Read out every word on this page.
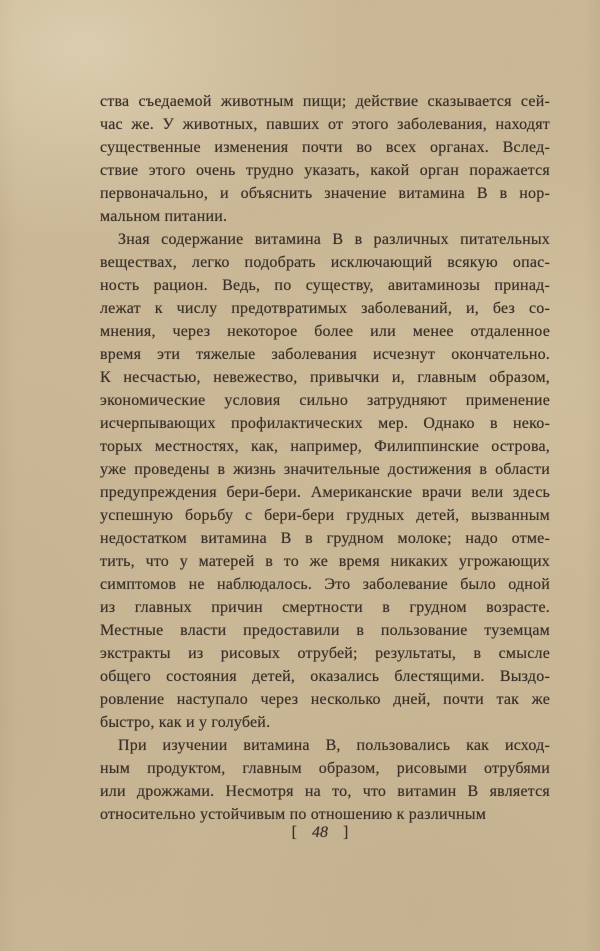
ства съедаемой животным пищи; действие сказывается сей-
час же. У животных, павших от этого заболевания, находят
существенные изменения почти во всех органах. Вслед-
ствие этого очень трудно указать, какой орган поражается
первоначально, и объяснить значение витамина В в нор-
мальном питании.
Зная содержание витамина В в различных питательных
веществах, легко подобрать исключающий всякую опас-
ность рацион. Ведь, по существу, авитаминозы принад-
лежат к числу предотвратимых заболеваний, и, без со-
мнения, через некоторое более или менее отдаленное
время эти тяжелые заболевания исчезнут окончательно.
К несчастью, невежество, привычки и, главным образом,
экономические условия сильно затрудняют применение
исчерпывающих профилактических мер. Однако в неко-
торых местностях, как, например, Филиппинские острова,
уже проведены в жизнь значительные достижения в области
предупреждения бери-бери. Американские врачи вели здесь
успешную борьбу с бери-бери грудных детей, вызванным
недостатком витамина В в грудном молоке; надо отме-
тить, что у матерей в то же время никаких угрожающих
симптомов не наблюдалось. Это заболевание было одной
из главных причин смертности в грудном возрасте.
Местные власти предоставили в пользование туземцам
экстракты из рисовых отрубей; результаты, в смысле
общего состояния детей, оказались блестящими. Выздо-
ровление наступало через несколько дней, почти так же
быстро, как и у голубей.
При изучении витамина В, пользовались как исход-
ным продуктом, главным образом, рисовыми отрубями
или дрожжами. Несмотря на то, что витамин В является
относительно устойчивым по отношению к различным
[ 48 ]
